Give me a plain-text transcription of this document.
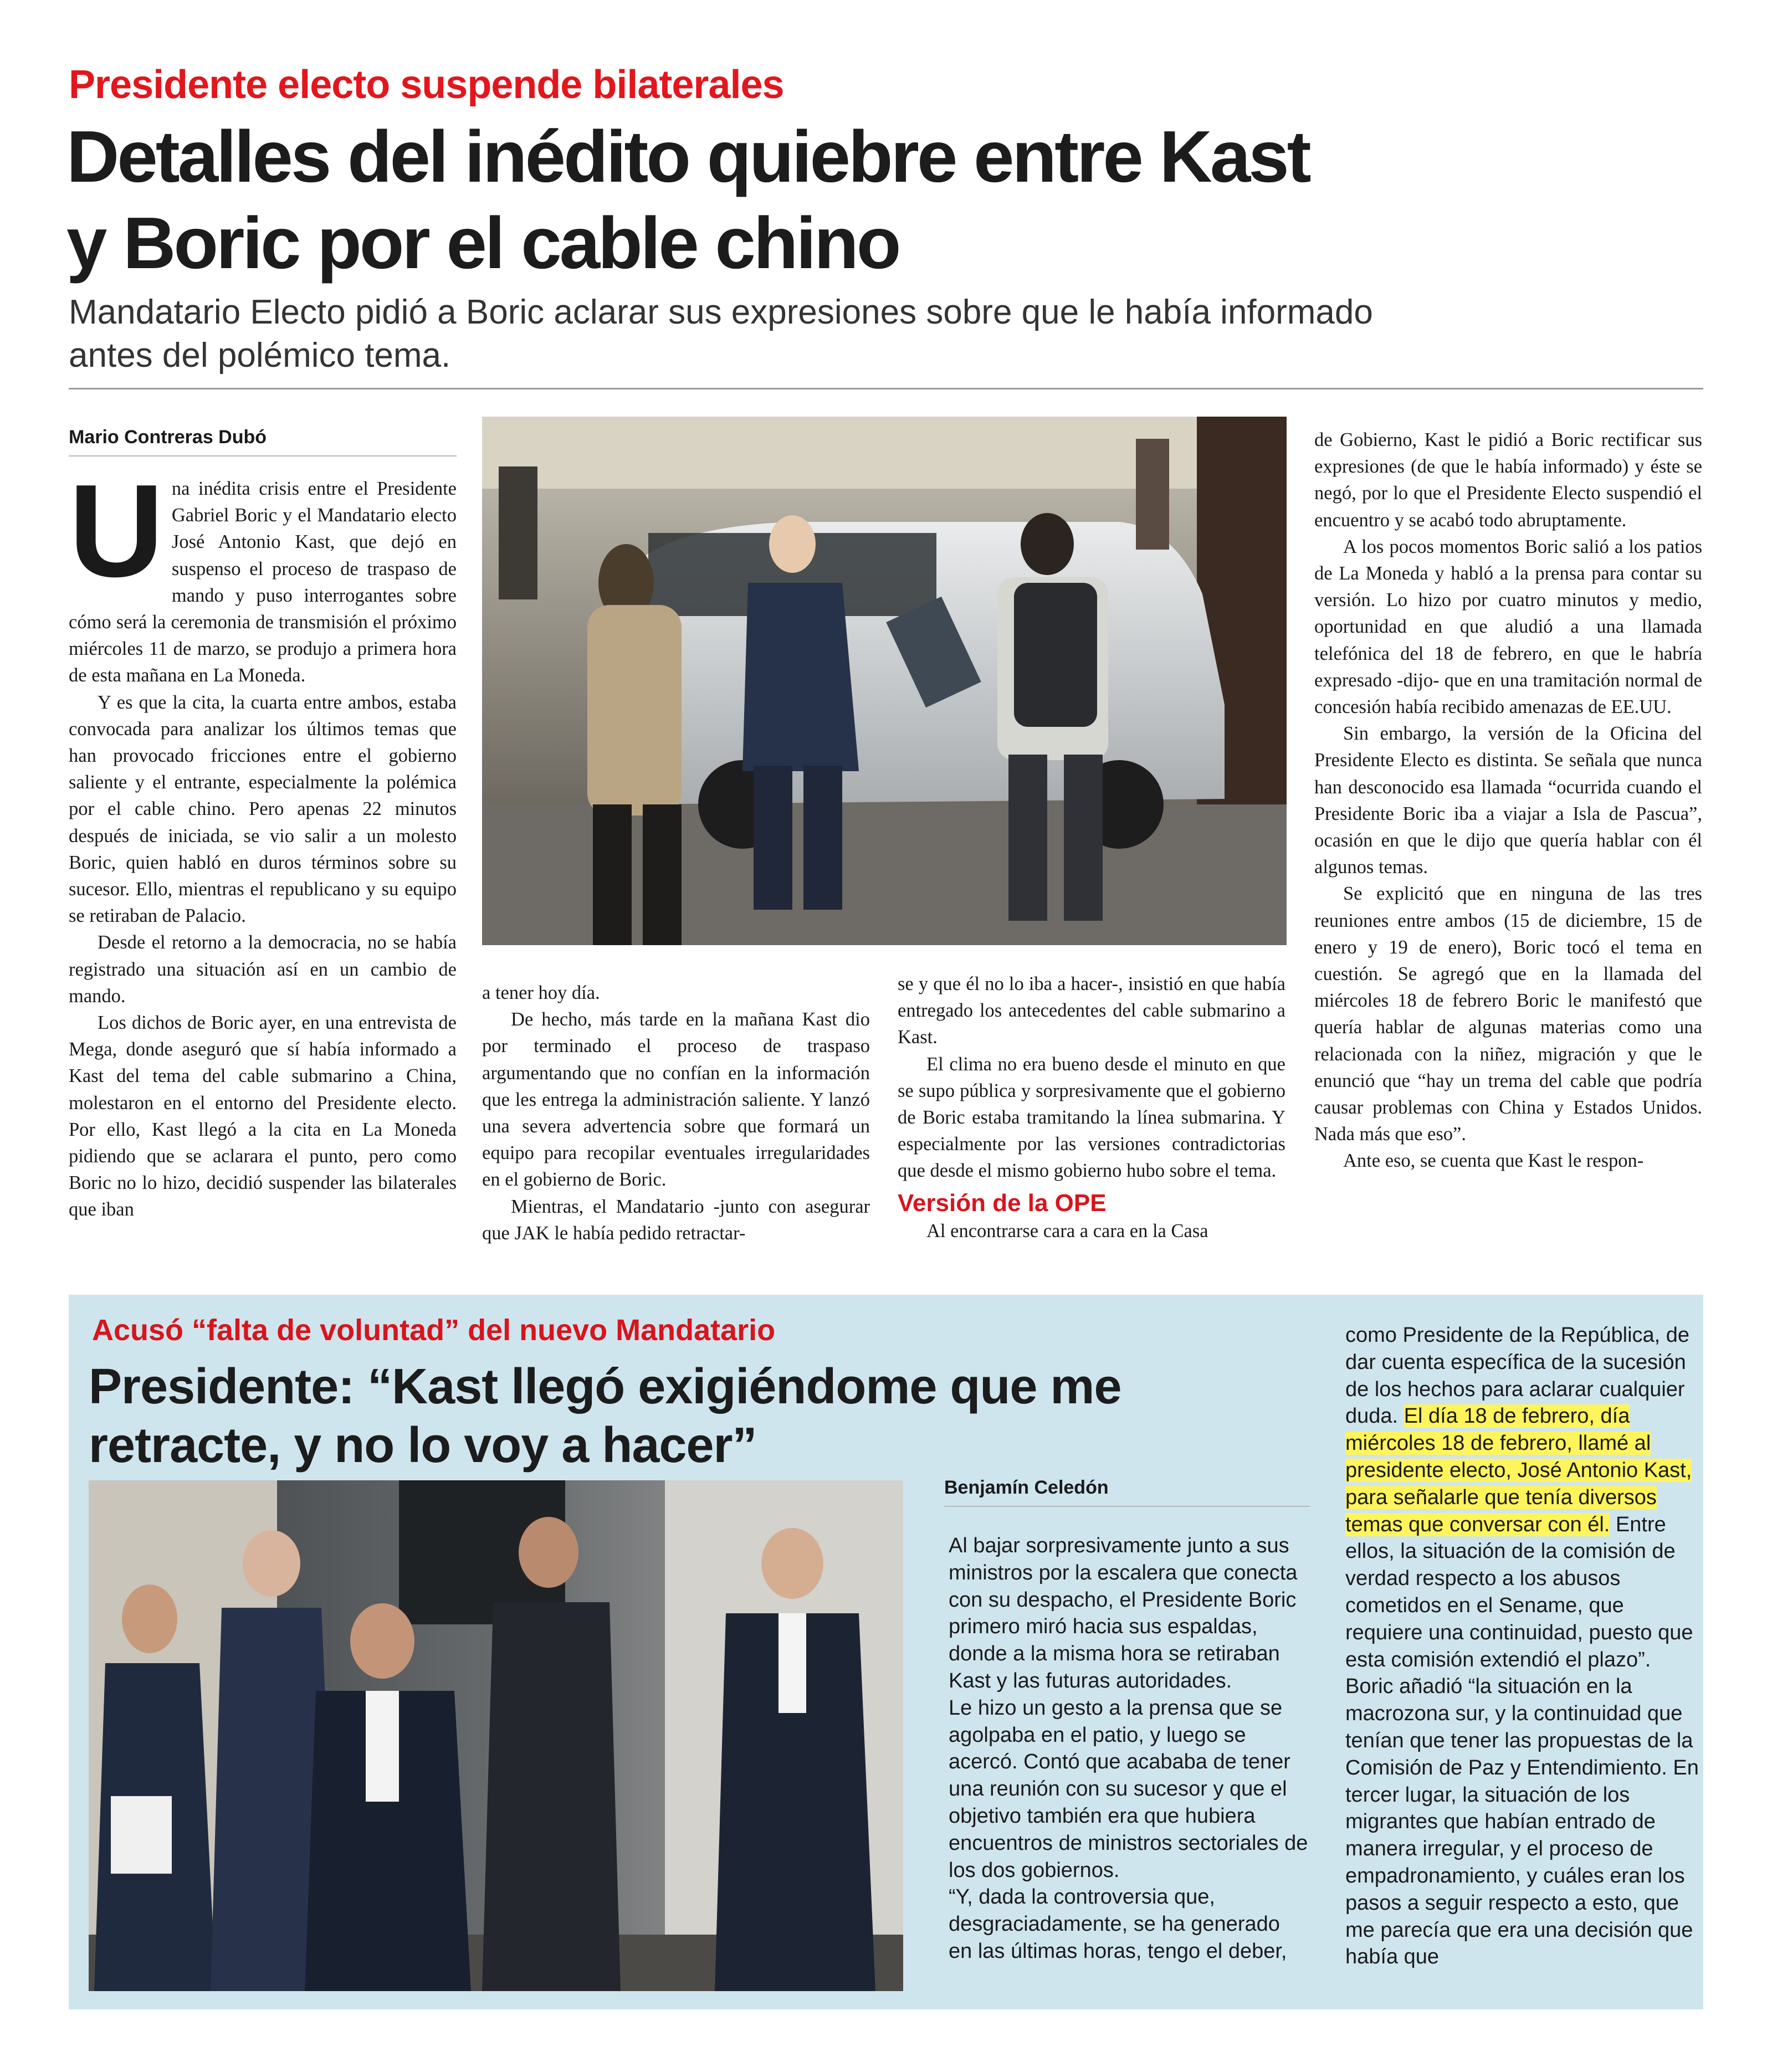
Presidente electo suspende bilaterales
Detalles del inédito quiebre entre Kast
y Boric por el cable chino
Mandatario Electo pidió a Boric aclarar sus expresiones sobre que le había informado
antes del polémico tema.
Mario Contreras Dubó

U na inédita crisis entre el Presidente Gabriel Boric y el Mandatario electo José Antonio Kast, que dejó en suspenso el proceso de traspaso de mando y puso interrogantes sobre cómo será la ceremonia de transmisión el próximo miércoles 11 de marzo, se produjo a primera hora de esta mañana en La Moneda.

Y es que la cita, la cuarta entre ambos, estaba convocada para analizar los últimos temas que han provocado fricciones entre el gobierno saliente y el entrante, especialmente la polémica por el cable chino. Pero apenas 22 minutos después de iniciada, se vio salir a un molesto Boric, quien habló en duros términos sobre su sucesor. Ello, mientras el republicano y su equipo se retiraban de Palacio.

Desde el retorno a la democracia, no se había registrado una situación así en un cambio de mando.

Los dichos de Boric ayer, en una entrevista de Mega, donde aseguró que sí había informado a Kast del tema del cable submarino a China, molestaron en el entorno del Presidente electo. Por ello, Kast llegó a la cita en La Moneda pidiendo que se aclarara el punto, pero como Boric no lo hizo, decidió suspender las bilaterales que iban

a tener hoy día.

De hecho, más tarde en la mañana Kast dio por terminado el proceso de traspaso argumentando que no confían en la información que les entrega la administración saliente. Y lanzó una severa advertencia sobre que formará un equipo para recopilar eventuales irregularidades en el gobierno de Boric.

Mientras, el Mandatario -junto con asegurar que JAK le había pedido retractar-

se y que él no lo iba a hacer-, insistió en que había entregado los antecedentes del cable submarino a Kast.

El clima no era bueno desde el minuto en que se supo pública y sorpresivamente que el gobierno de Boric estaba tramitando la línea submarina. Y especialmente por las versiones contradictorias que desde el mismo gobierno hubo sobre el tema.

Versión de la OPE

Al encontrarse cara a cara en la Casa

de Gobierno, Kast le pidió a Boric rectificar sus expresiones (de que le había informado) y éste se negó, por lo que el Presidente Electo suspendió el encuentro y se acabó todo abruptamente.

A los pocos momentos Boric salió a los patios de La Moneda y habló a la prensa para contar su versión. Lo hizo por cuatro minutos y medio, oportunidad en que aludió a una llamada telefónica del 18 de febrero, en que le habría expresado -dijo- que en una tramitación normal de concesión había recibido amenazas de EE.UU.

Sin embargo, la versión de la Oficina del Presidente Electo es distinta. Se señala que nunca han desconocido esa llamada “ocurrida cuando el Presidente Boric iba a viajar a Isla de Pascua”, ocasión en que le dijo que quería hablar con él algunos temas.

Se explicitó que en ninguna de las tres reuniones entre ambos (15 de diciembre, 15 de enero y 19 de enero), Boric tocó el tema en cuestión. Se agregó que en la llamada del miércoles 18 de febrero Boric le manifestó que quería hablar de algunas materias como una relacionada con la niñez, migración y que le enunció que “hay un trema del cable que podría causar problemas con China y Estados Unidos. Nada más que eso”.

Ante eso, se cuenta que Kast le respon-

Acusó “falta de voluntad” del nuevo Mandatario
Presidente: “Kast llegó exigiéndome que me
retracte, y no lo voy a hacer”
Benjamín Celedón

Al bajar sorpresivamente junto a sus ministros por la escalera que conecta con su despacho, el Presidente Boric primero miró hacia sus espaldas, donde a la misma hora se retiraban Kast y las futuras autoridades.

Le hizo un gesto a la prensa que se agolpaba en el patio, y luego se acercó. Contó que acababa de tener una reunión con su sucesor y que el objetivo también era que hubiera encuentros de ministros sectoriales de los dos gobiernos.

“Y, dada la controversia que, desgraciadamente, se ha generado en las últimas horas, tengo el deber,

como Presidente de la República, de dar cuenta específica de la sucesión de los hechos para aclarar cualquier duda. El día 18 de febrero, día miércoles 18 de febrero, llamé al presidente electo, José Antonio Kast, para señalarle que tenía diversos temas que conversar con él. Entre ellos, la situación de la comisión de verdad respecto a los abusos cometidos en el Sename, que requiere una continuidad, puesto que esta comisión extendió el plazo”.

Boric añadió “la situación en la macrozona sur, y la continuidad que tenían que tener las propuestas de la Comisión de Paz y Entendimiento. En tercer lugar, la situación de los migrantes que habían entrado de manera irregular, y el proceso de empadronamiento, y cuáles eran los pasos a seguir respecto a esto, que me parecía que era una decisión que había que
